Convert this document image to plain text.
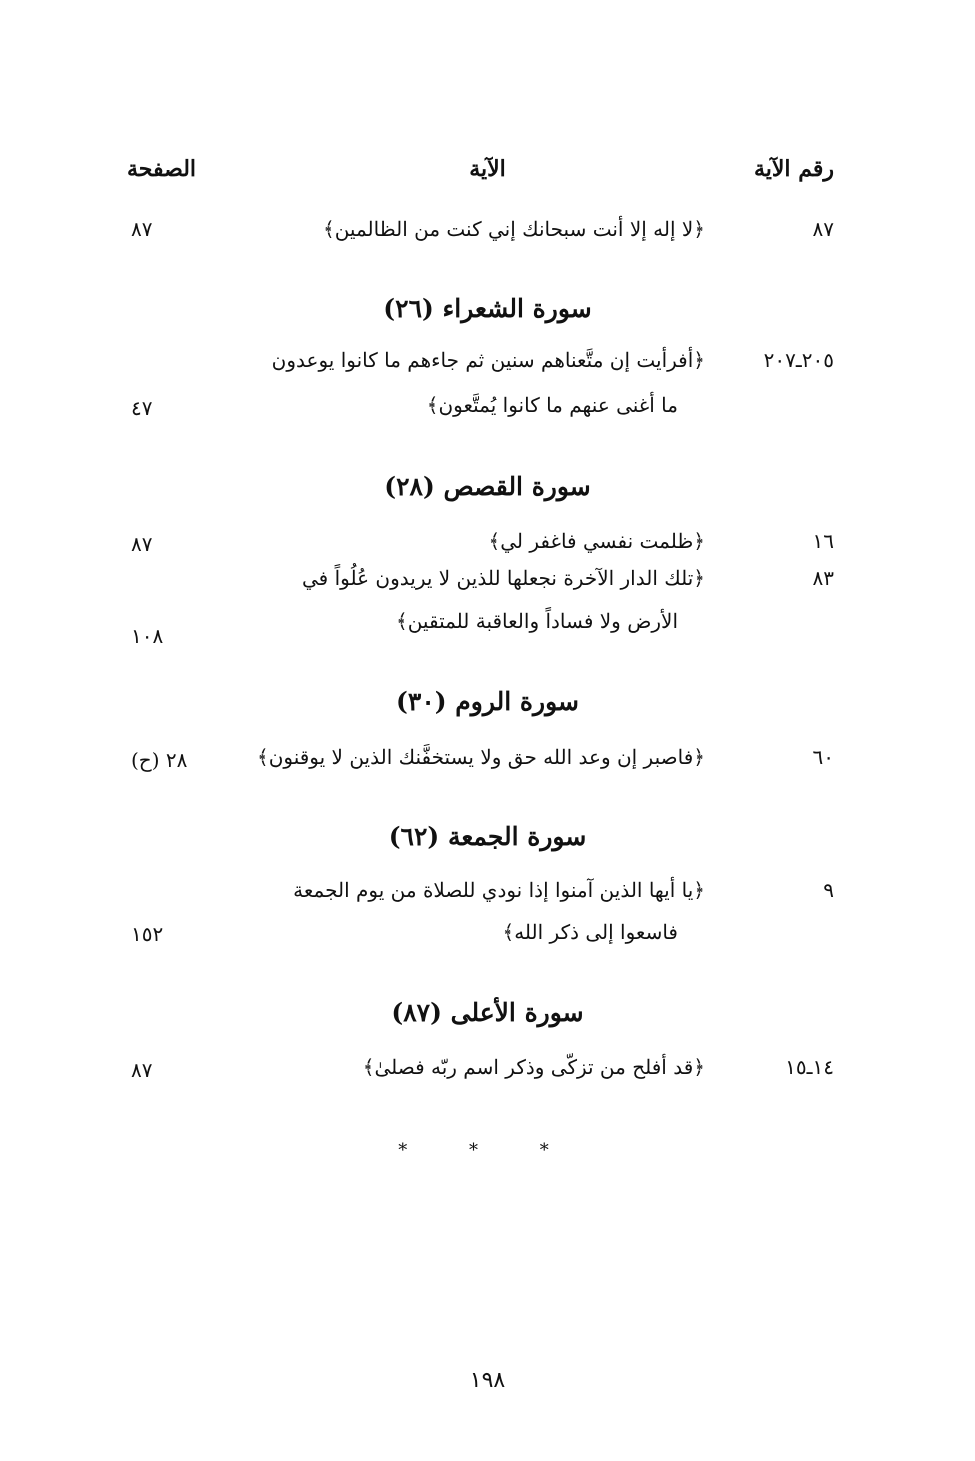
رقم الآية
الآية
الصفحة
٨٧
﴿لا إله إلا أنت سبحانك إني كنت من الظالمين﴾
٨٧
سورة الشعراء (٢٦)
٢٠٥ـ٢٠٧
﴿أفرأيت إن متَّعناهم سنين ثم جاءهم ما كانوا يوعدون
ما أغنى عنهم ما كانوا يُمتَّعون﴾
٤٧
سورة القصص (٢٨)
١٦
﴿ظلمت نفسي فاغفر لي﴾
٨٧
٨٣
﴿تلك الدار الآخرة نجعلها للذين لا يريدون عُلُواً في
الأرض ولا فساداً والعاقبة للمتقين﴾
١٠٨
سورة الروم (٣٠)
٦٠
﴿فاصبر إن وعد الله حق ولا يستخفَّنك الذين لا يوقنون﴾
٢٨ (ح)
سورة الجمعة (٦٢)
٩
﴿يا أيها الذين آمنوا إذا نودي للصلاة من يوم الجمعة
فاسعوا إلى ذكر الله﴾
١٥٢
سورة الأعلى (٨٧)
١٤ـ١٥
﴿قد أفلح من تزكّى وذكر اسم ربّه فصلىٰ﴾
٨٧
* * *
١٩٨
